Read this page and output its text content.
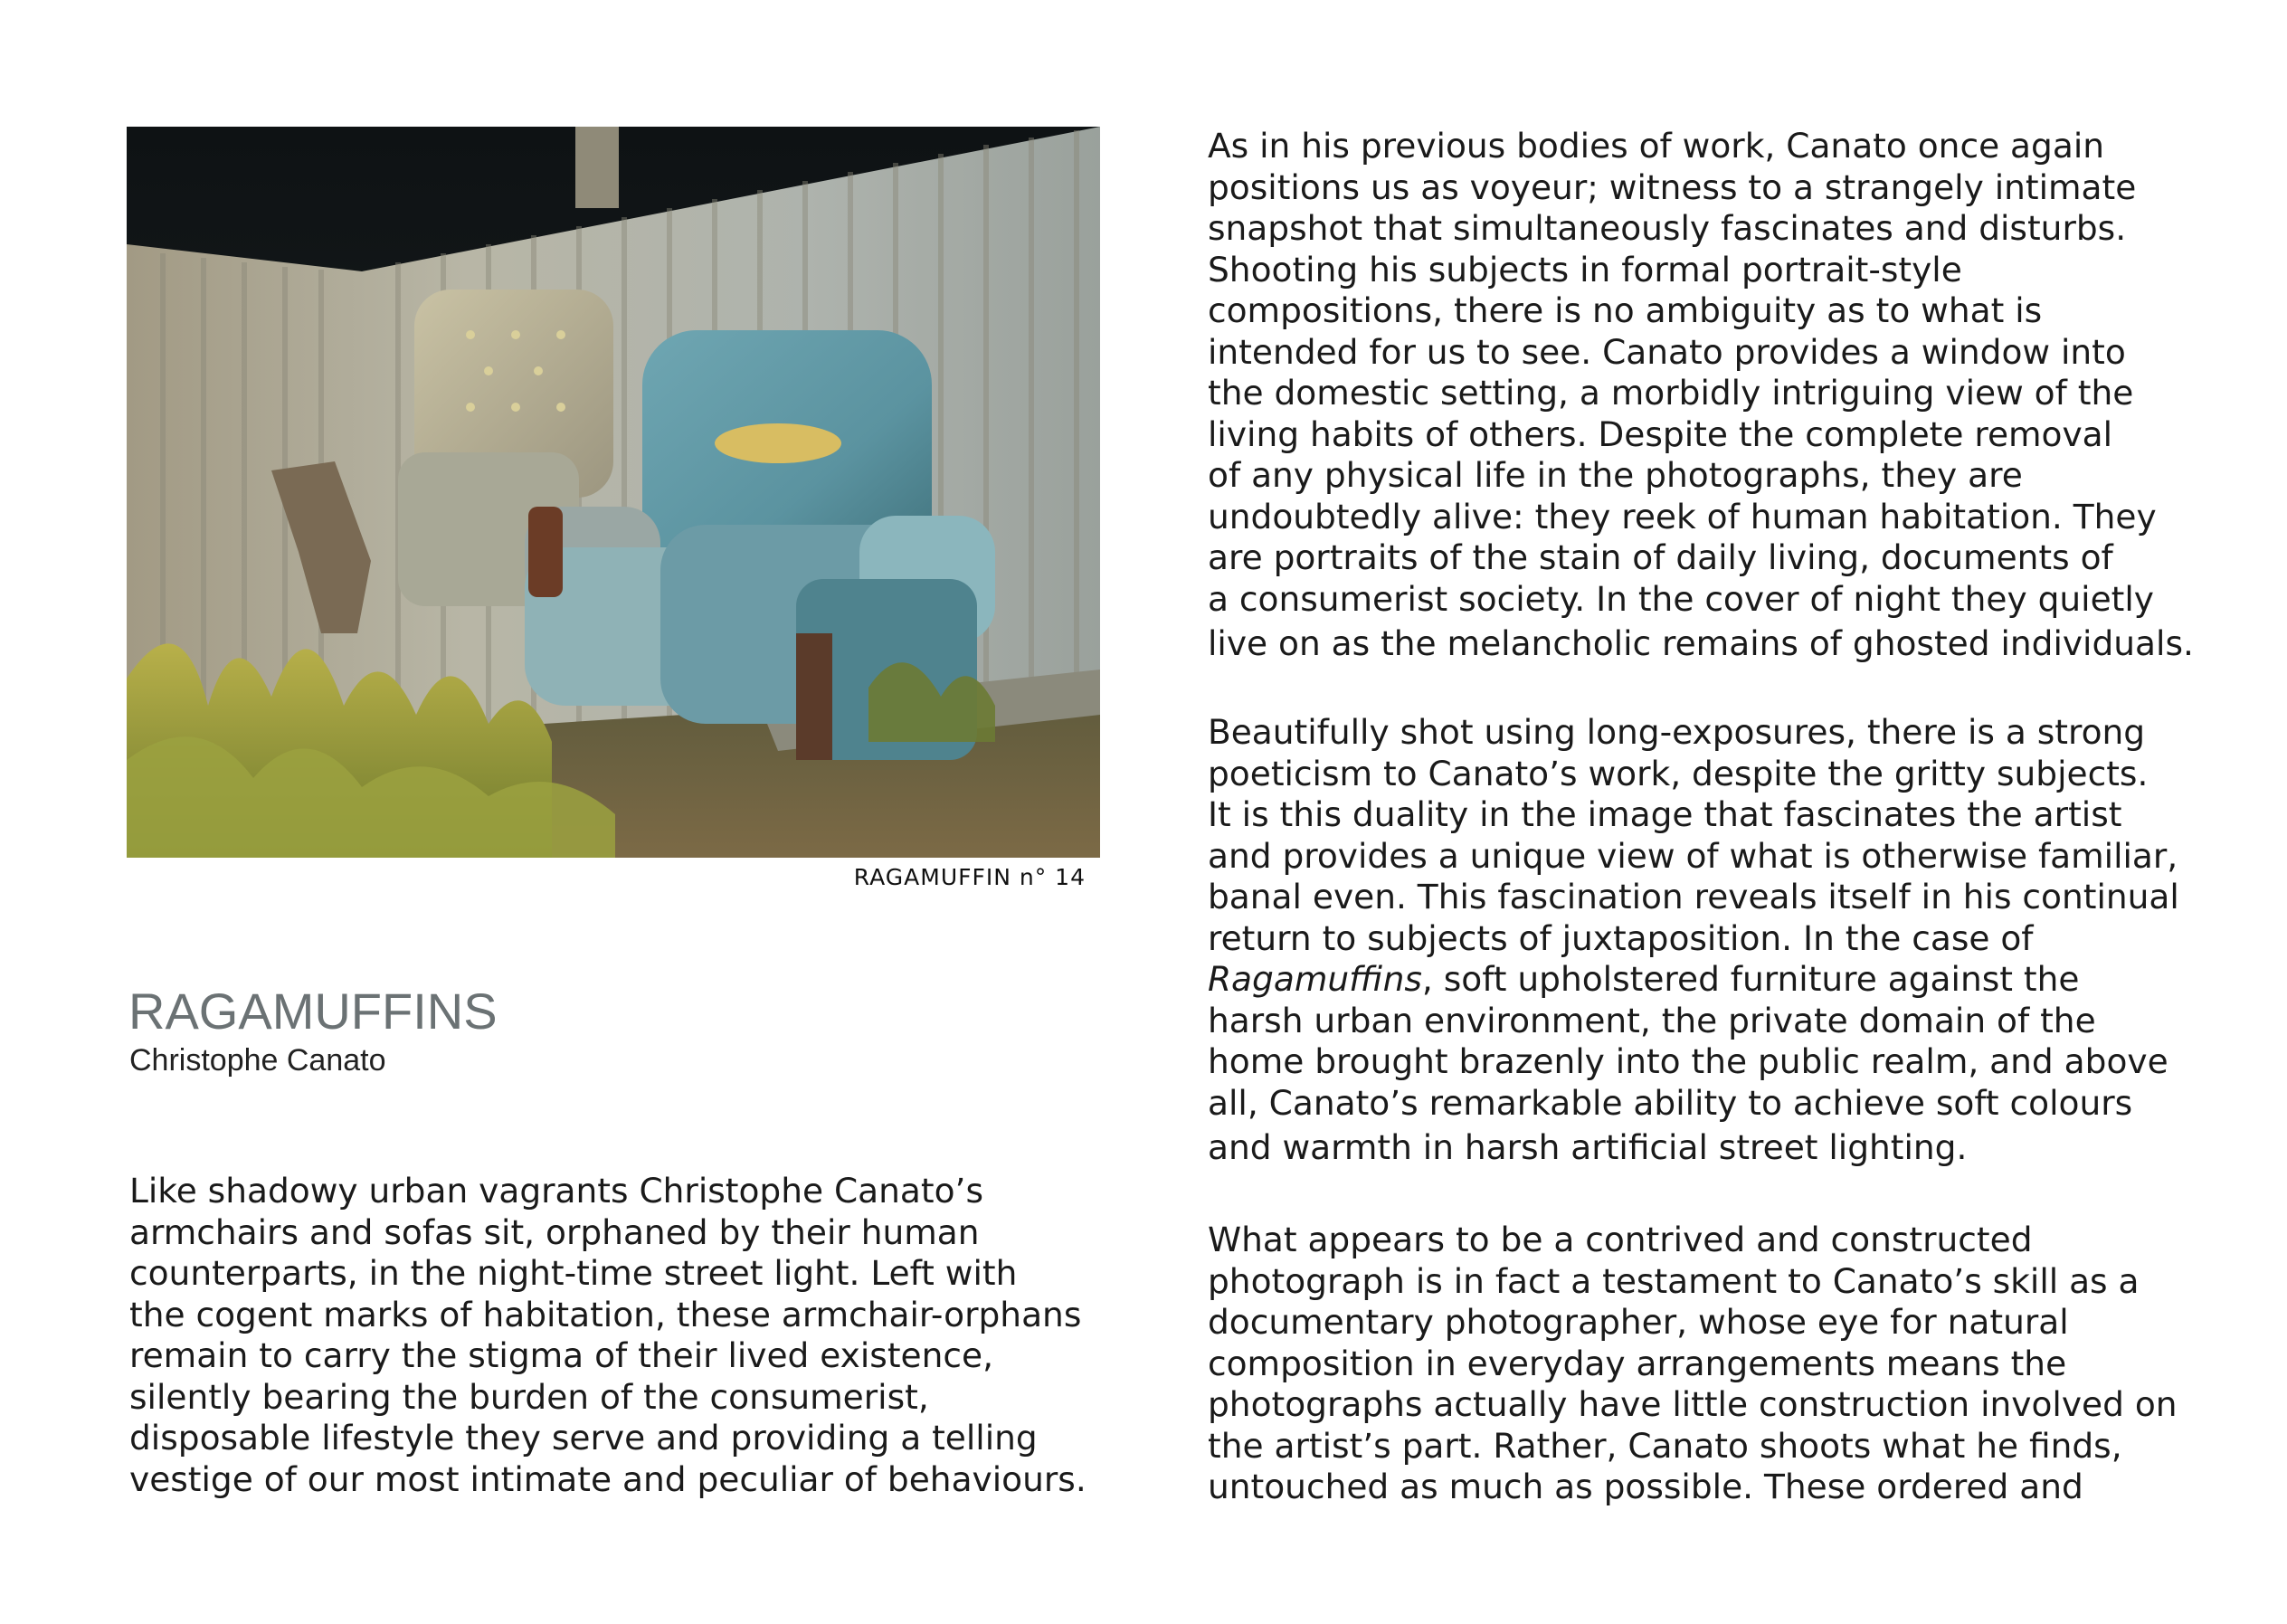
RAGAMUFFIN n° 14
RAGAMUFFINS
Christophe Canato

Like shadowy urban vagrants Christophe Canato’s
armchairs and sofas sit, orphaned by their human
counterparts, in the night-time street light. Left with
the cogent marks of habitation, these armchair-orphans
remain to carry the stigma of their lived existence,
silently bearing the burden of the consumerist,
disposable lifestyle they serve and providing a telling
vestige of our most intimate and peculiar of behaviours.

As in his previous bodies of work, Canato once again
positions us as voyeur; witness to a strangely intimate
snapshot that simultaneously fascinates and disturbs.
Shooting his subjects in formal portrait-style
compositions, there is no ambiguity as to what is
intended for us to see. Canato provides a window into
the domestic setting, a morbidly intriguing view of the
living habits of others. Despite the complete removal
of any physical life in the photographs, they are
undoubtedly alive: they reek of human habitation. They
are portraits of the stain of daily living, documents of
a consumerist society. In the cover of night they quietly
live on as the melancholic remains of ghosted individuals.

Beautifully shot using long-exposures, there is a strong
poeticism to Canato’s work, despite the gritty subjects.
It is this duality in the image that fascinates the artist
and provides a unique view of what is otherwise familiar,
banal even. This fascination reveals itself in his continual
return to subjects of juxtaposition. In the case of
Ragamuffins, soft upholstered furniture against the
harsh urban environment, the private domain of the
home brought brazenly into the public realm, and above
all, Canato’s remarkable ability to achieve soft colours
and warmth in harsh artificial street lighting.

What appears to be a contrived and constructed
photograph is in fact a testament to Canato’s skill as a
documentary photographer, whose eye for natural
composition in everyday arrangements means the
photographs actually have little construction involved on
the artist’s part. Rather, Canato shoots what he finds,
untouched as much as possible. These ordered and
